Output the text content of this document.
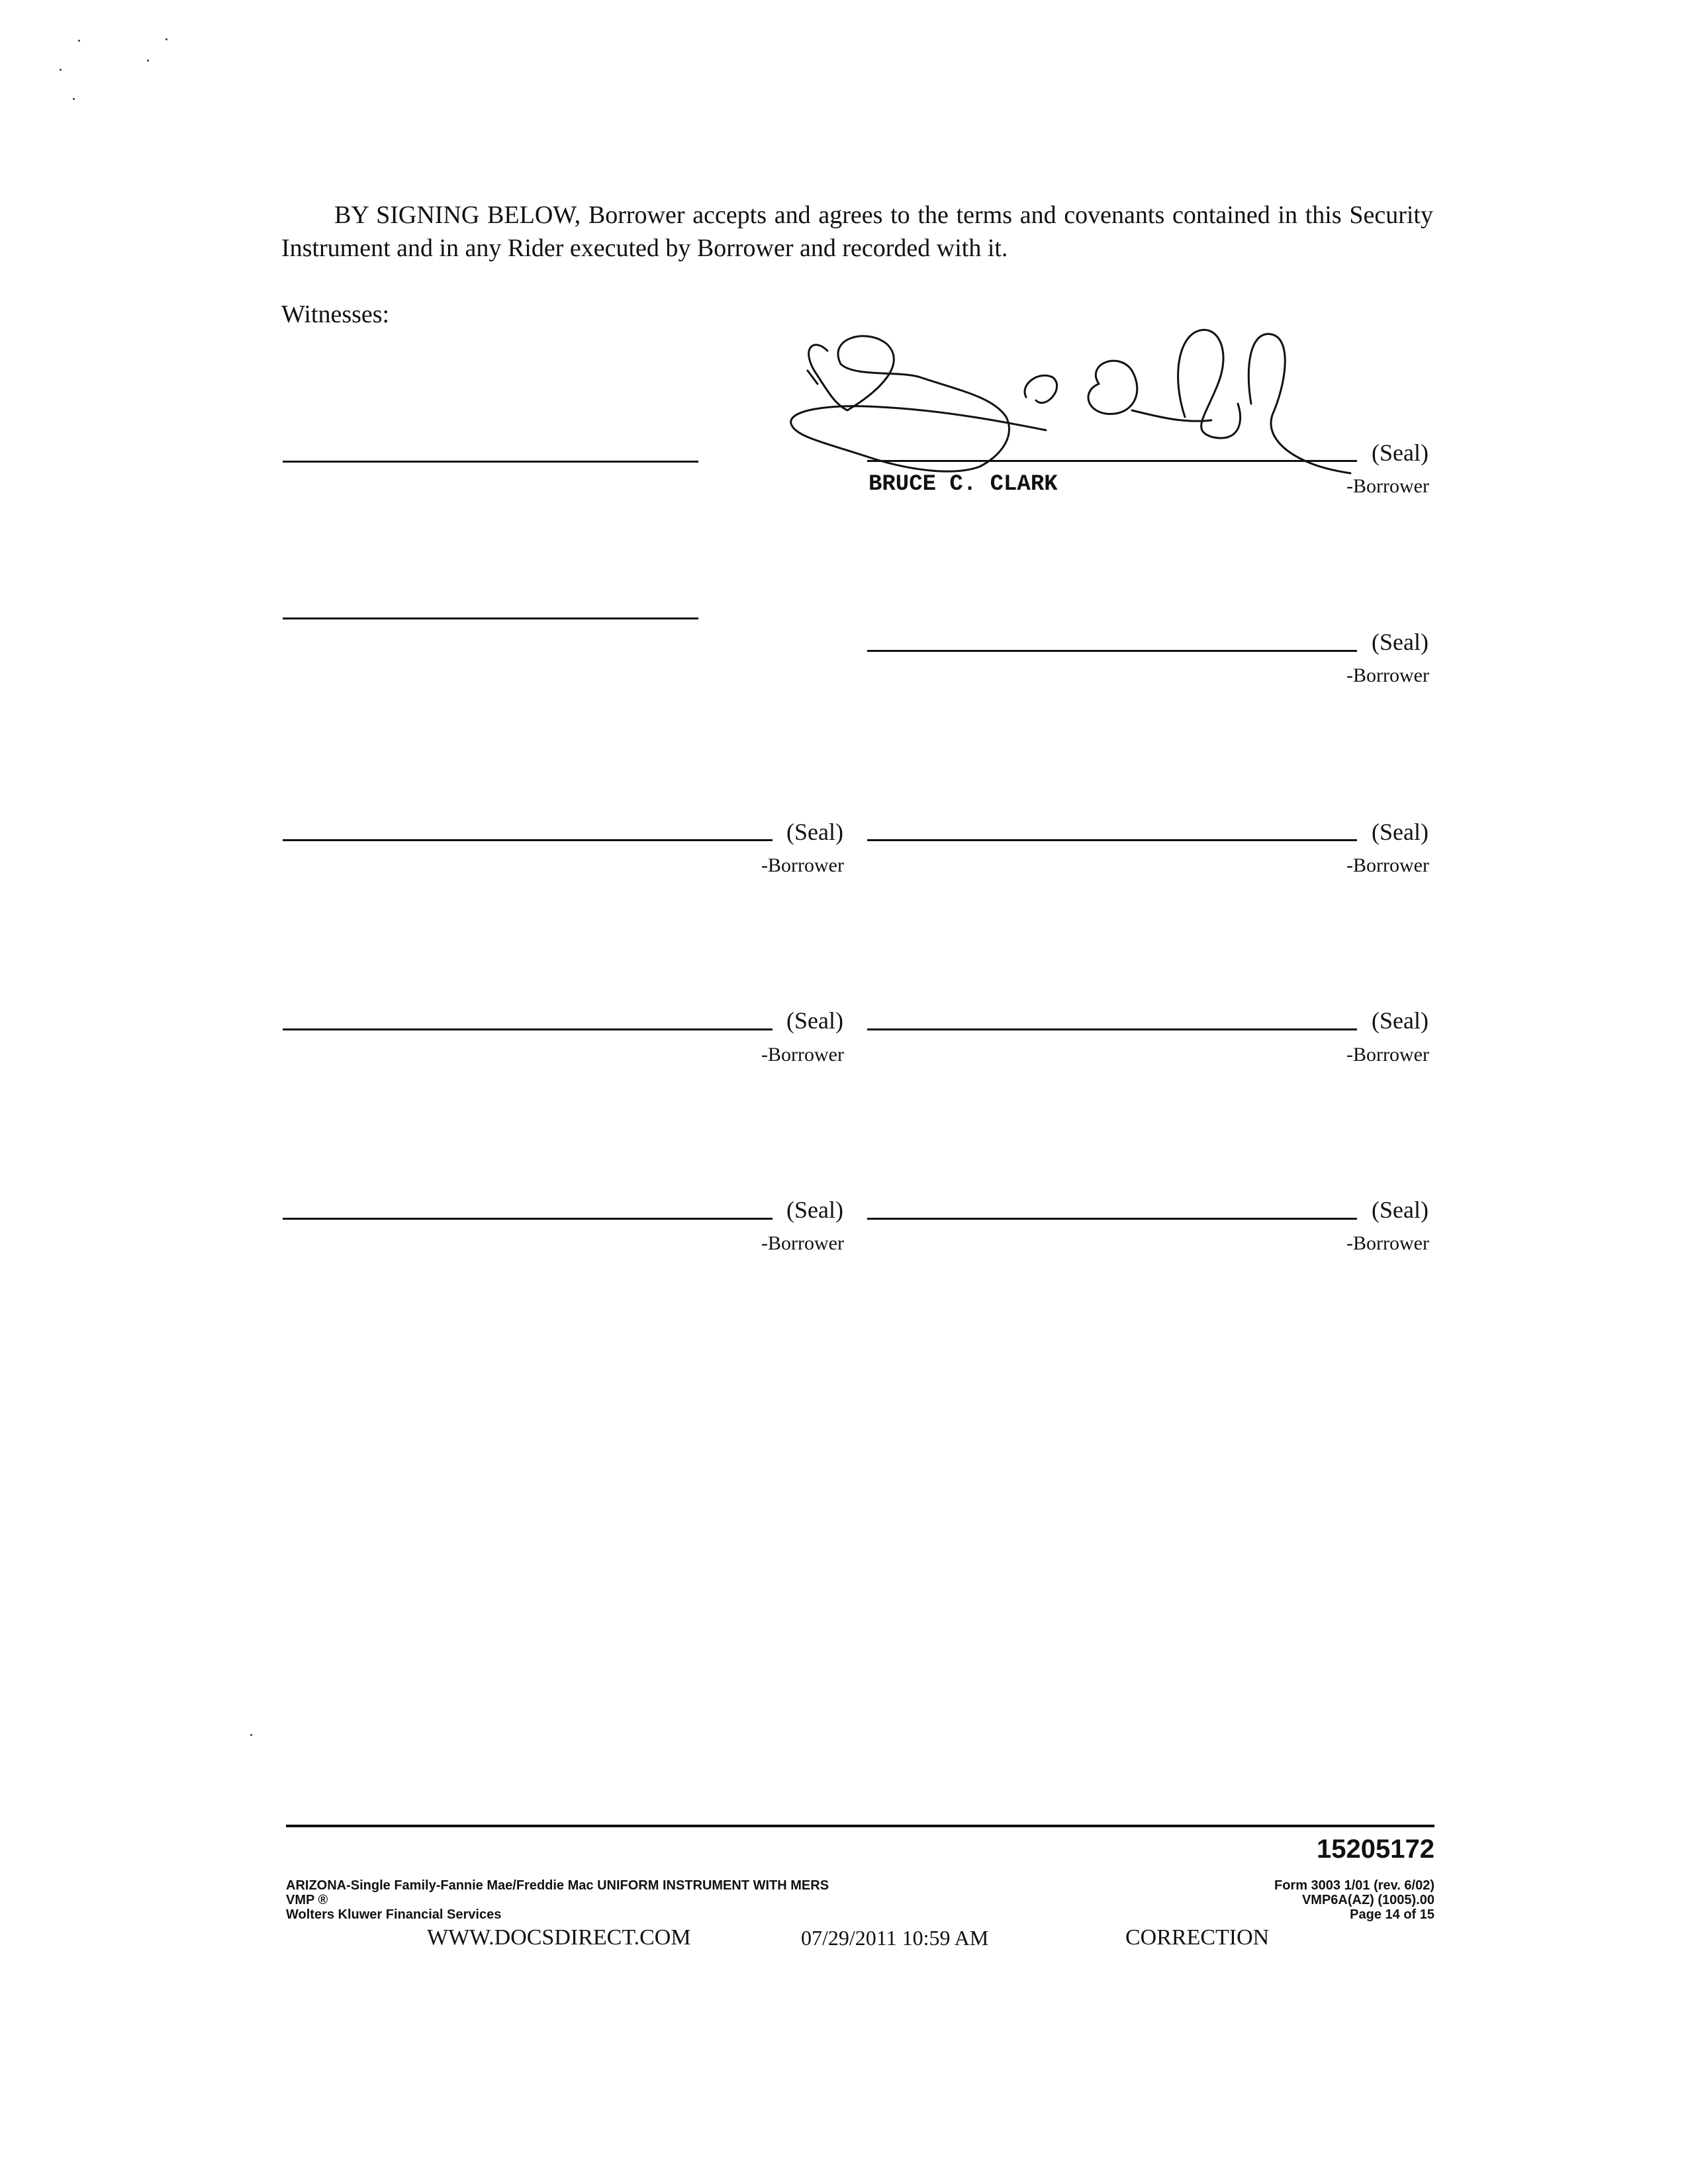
BY SIGNING BELOW, Borrower accepts and agrees to the terms and covenants contained in this Security Instrument and in any Rider executed by Borrower and recorded with it.

Witnesses:
(Seal)
BRUCE C. CLARK	-Borrower
(Seal)
-Borrower
(Seal)
-Borrower
(Seal)
-Borrower
(Seal)
-Borrower
(Seal)
-Borrower
(Seal)
-Borrower
(Seal)
-Borrower
15205172
ARIZONA-Single Family-Fannie Mae/Freddie Mac UNIFORM INSTRUMENT WITH MERS
VMP ®
Wolters Kluwer Financial Services
Form 3003 1/01 (rev. 6/02)
VMP6A(AZ) (1005).00
Page 14 of 15
WWW.DOCSDIRECT.COM	07/29/2011 10:59 AM	CORRECTION
